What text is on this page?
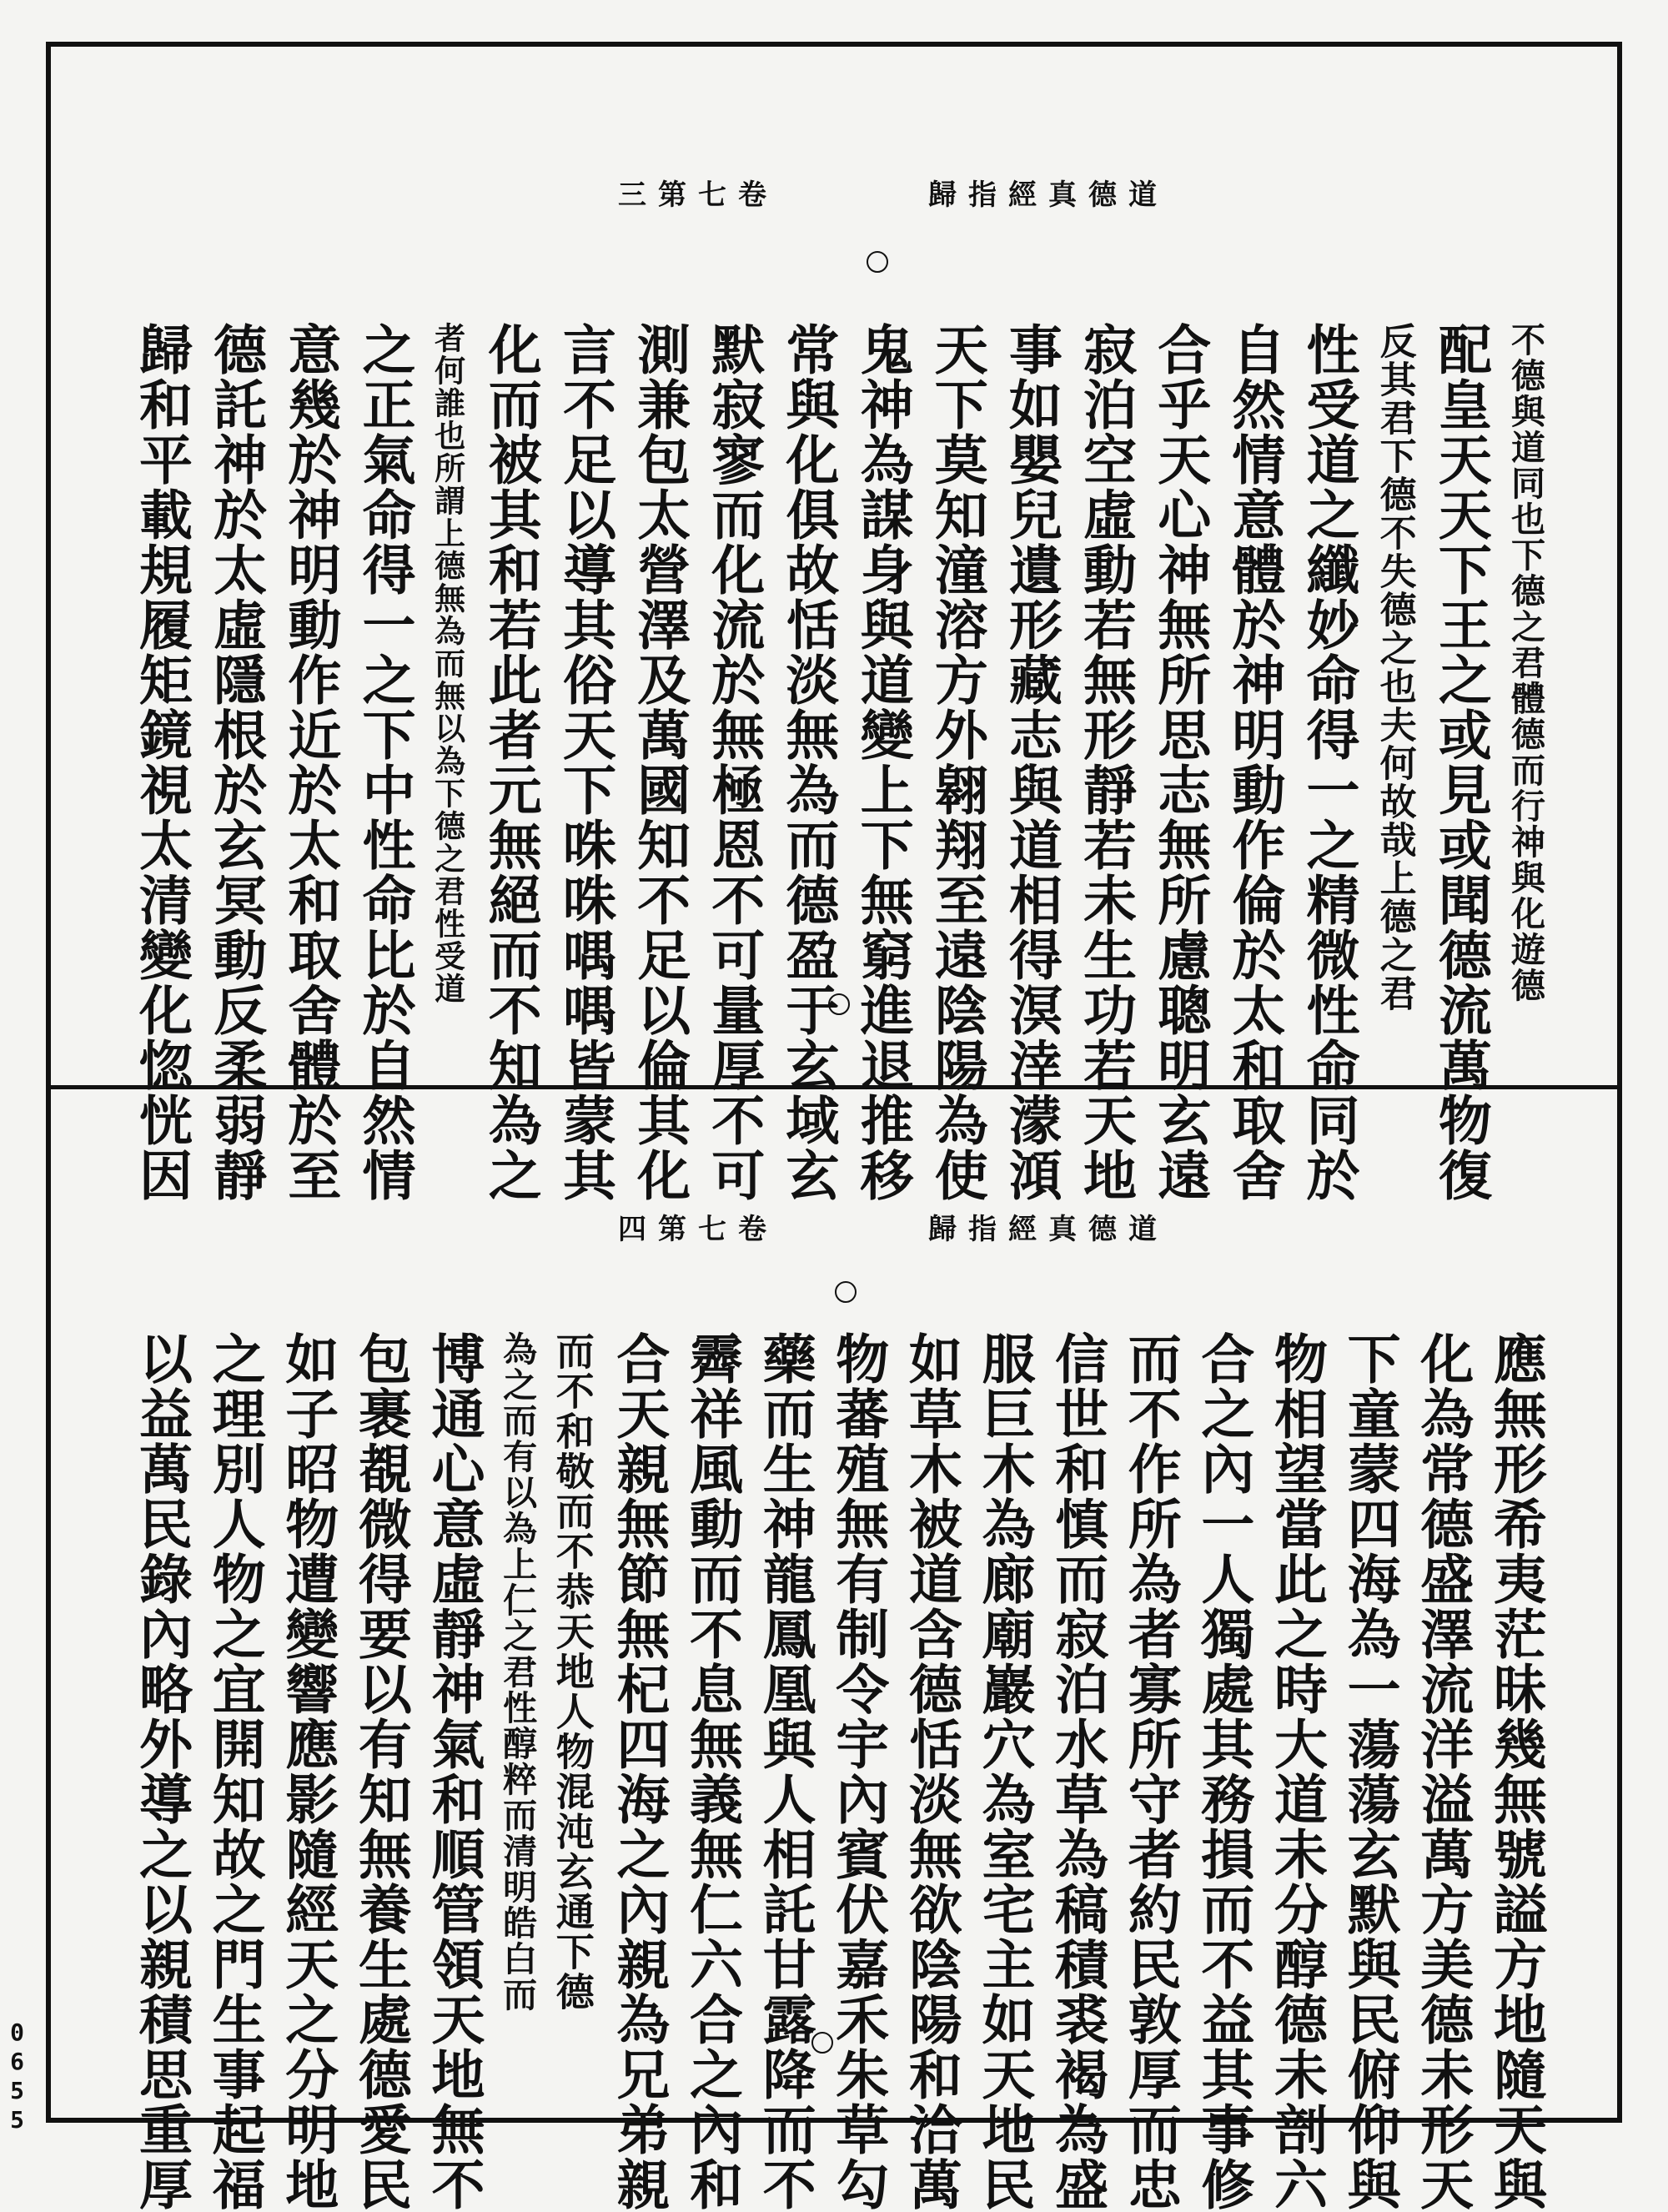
卷七第三	道德真經指歸
不德與道同也下德之君體德而行神與化遊德
配皇天天下王之或見或聞德流萬物復
反其君下德不失德之也夫何故哉上德之君
性受道之纖妙命得一之精微性命同於
自然情意體於神明動作倫於太和取舍
合乎天心神無所思志無所慮聰明玄遠
寂泊空虛動若無形靜若未生功若天地
事如嬰兒遺形藏志與道相得溟涬濛澒
天下莫知潼溶方外翱翔至遠陰陽為使
鬼神為謀身與道變上下無窮進退推移
常與化俱故恬淡無為而德盈于玄域玄
默寂寥而化流於無極恩不可量厚不可
測兼包太營澤及萬國知不足以倫其化
言不足以導其俗天下咮咮喁喁皆蒙其
化而被其和若此者元無絕而不知為之
者何誰也所謂上德無為而無以為下德之君性受道
之正氣命得一之下中性命比於自然情
意幾於神明動作近於太和取舍體於至
德託神於太虛隱根於玄冥動反柔弱靜
歸和平載規履矩鏡視太清變化惚恍因
卷七第四	道德真經指歸
應無形希夷茫昧幾無號謚方地隨天與
化為常德盛澤流洋溢萬方美德未形天
下童蒙四海為一蕩蕩玄默與民俯仰與
物相望當此之時大道未分醇德未剖六
合之內一人獨處其務損而不益其事修
而不作所為者寡所守者約民敦厚而忠
信世和慎而寂泊水草為稿積裘褐為盛
服巨木為廊廟巖穴為室宅主如天地民
如草木被道含德恬淡無欲陰陽和洽萬
物蕃殖無有制令宇內賓伏嘉禾朱草勾
藥而生神龍鳳凰與人相託甘露降而不
霽祥風動而不息無義無仁六合之內和
合天親無節無杞四海之內親為兄弟親
而不和敬而不恭天地人物混沌玄通下德
為之而有以為上仁之君性醇粹而清明皓白而
博通心意虛靜神氣和順管領天地無不
包裹覩微得要以有知無養生處德愛民
如子昭物遭變響應影隨經天之分明地
之理別人物之宜開知故之門生事起福
以益萬民錄內略外導之以親積思重厚
0655
